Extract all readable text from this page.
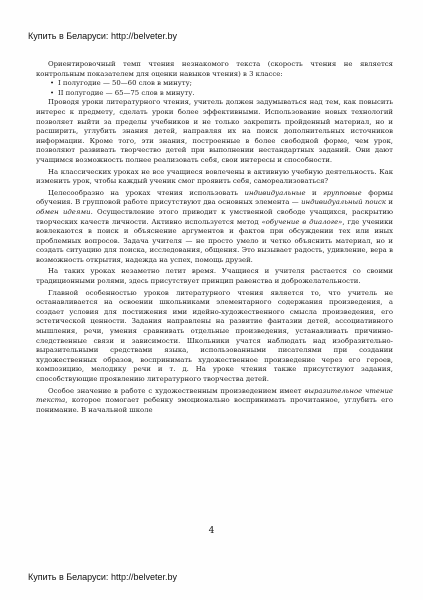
Купить в Беларуси: http://belveter.by

Ориентировочный темп чтения незнакомого текста (скорость чтения не является контрольным показателем для оценки навыков чтения) в 3 классе:

• I полугодие — 50—60 слов в минуту;
• II полугодие — 65—75 слов в минуту.

Проводя уроки литературного чтения, учитель должен задумываться над тем, как повысить интерес к предмету, сделать уроки более эффективными. Использование новых технологий позволяет выйти за пределы учебников и не только закрепить пройденный материал, но и расширить, углубить знания детей, направляя их на поиск дополнительных источников информации. Кроме того, эти знания, построенные в более свободной форме, чем урок, позволяют развивать творчество детей при выполнении нестандартных заданий. Они дают учащимся возможность полнее реализовать себя, свои интересы и способности.

На классических уроках не все учащиеся вовлечены в активную учебную деятельность. Как изменить урок, чтобы каждый ученик смог проявить себя, самореализоваться?

Целесообразно на уроках чтения использовать индивидуальные и групповые формы обучения. В групповой работе присутствуют два основных элемента — индивидуальный поиск и обмен идеями. Осуществление этого приводит к умственной свободе учащихся, раскрытию творческих качеств личности. Активно используется метод «обучение в диалоге», где ученики вовлекаются в поиск и объяснение аргументов и фактов при обсуждении тех или иных проблемных вопросов. Задача учителя — не просто умело и четко объяснить материал, но и создать ситуацию для поиска, исследования, общения. Это вызывает радость, удивление, вера в возможность открытия, надежда на успех, помощь друзей.

На таких уроках незаметно летит время. Учащиеся и учителя растается со своими традиционными ролями, здесь присутствует принцип равенства и доброжелательности.

Главной особенностью уроков литературного чтения является то, что учитель не останавливается на освоении школьниками элементарного содержания произведения, а создает условия для постижения ими идейно-художественного смысла произведения, его эстетической ценности. Задания направлены на развитие фантазии детей, ассоциативного мышления, речи, умения сравнивать отдельные произведения, устанавливать причинно-следственные связи и зависимости. Школьники учатся наблюдать над изобразительно-выразительными средствами языка, использованными писателями при создании художественных образов, воспринимать художественное произведение через его героев, композицию, мелодику речи и т. д. На уроке чтения также присутствуют задания, способствующие проявлению литературного творчества детей.

Особое значение в работе с художественным произведением имеет выразительное чтение текста, которое помогает ребенку эмоционально воспринимать прочитанное, углубить его понимание. В начальной школе

4
Купить в Беларуси: http://belveter.by
